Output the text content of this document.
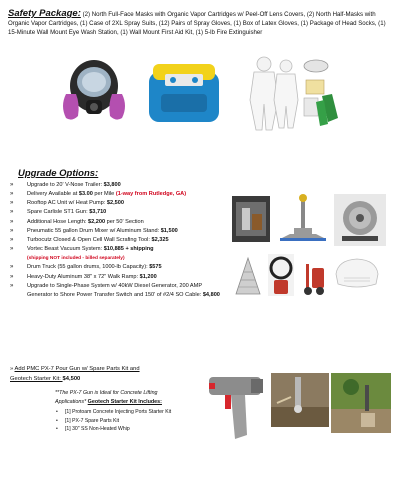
Safety Package: (2) North Full-Face Masks with Organic Vapor Cartridges w/ Peel-Off Lens Covers, (2) North Half-Masks with Organic Vapor Cartridges, (1) Case of 2XL Spray Suits, (12) Pairs of Spray Gloves, (1) Box of Latex Gloves, (1) Package of Head Socks, (1) 15-Minute Wall Mount Eye Wash Station, (1) Wall Mount First Aid Kit, (1) 5-lb Fire Extinguisher
Upgrade Options:
» Upgrade to 20' V-Nose Trailer: $3,800
» Delivery Available at $3.00 per Mile (1-way from Rutledge, GA)
» Rooftop AC Unit w/ Heat Pump: $2,500
» Spare Carlisle ST1 Gun: $3,710
» Additional Hose Length: $2,200 per 50' Section
» Pneumatic 55 gallon Drum Mixer w/ Aluminum Stand: $1,500
» Turbocutz Closed & Open Cell Wall Scrafing Tool: $2,325
» Vortec Beast Vacuum System: $10,885 + shipping
(shipping NOT included - billed separately)
» Drum Truck (55 gallon drums, 1000-lb Capacity): $575
» Heavy-Duty Aluminum 38" x 72" Walk Ramp: $1,200
» Upgrade to Single-Phase System w/ 40kW Diesel Generator, 200 AMP Generator to Shore Power Transfer Switch and 150' of #2/4 SO Cable: $4,800
» Add PMC PX-7 Pour Gun w/ Spare Parts Kit and
Geotech Starter Kit: $4,500
**The PX-7 Gun is Ideal for Concrete Lifting
Applications* Geotech Starter Kit Includes:
• [1] Protoam Concrete Injecting Ports Starter Kit
• [1] PX-7 Spare Parts Kit
• [1] 30" SS Non-Heated Whip
